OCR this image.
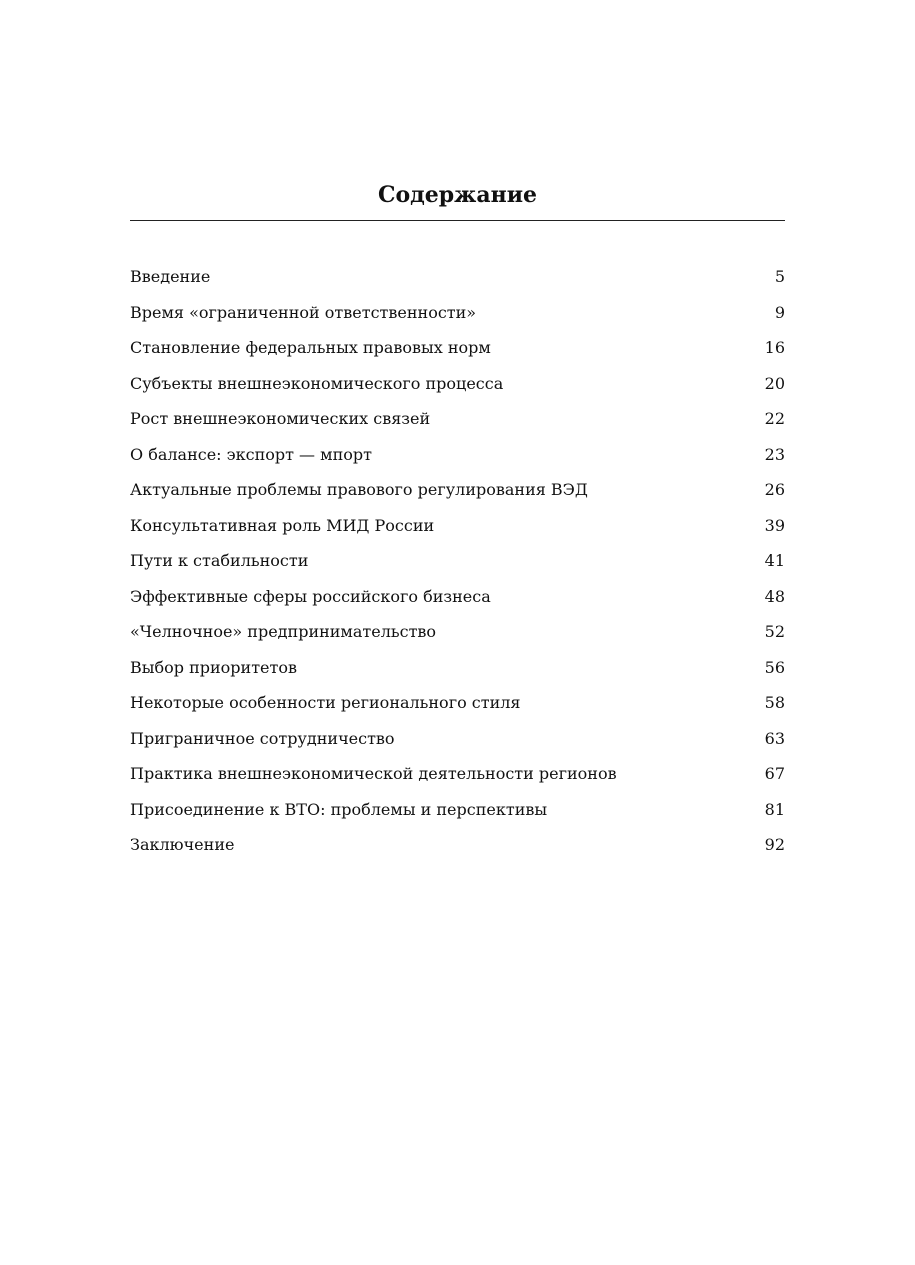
Содержание
Введение	5
Время «ограниченной ответственности»	9
Становление федеральных правовых норм	16
Субъекты внешнеэкономического процесса	20
Рост внешнеэкономических связей	22
О балансе: экспорт — мпорт	23
Актуальные проблемы правового регулирования ВЭД	26
Консультативная роль МИД России	39
Пути к стабильности	41
Эффективные сферы российского бизнеса	48
«Челночное» предпринимательство	52
Выбор приоритетов	56
Некоторые особенности регионального стиля	58
Приграничное сотрудничество	63
Практика внешнеэкономической деятельности регионов	67
Присоединение к ВТО: проблемы и перспективы	81
Заключение	92
